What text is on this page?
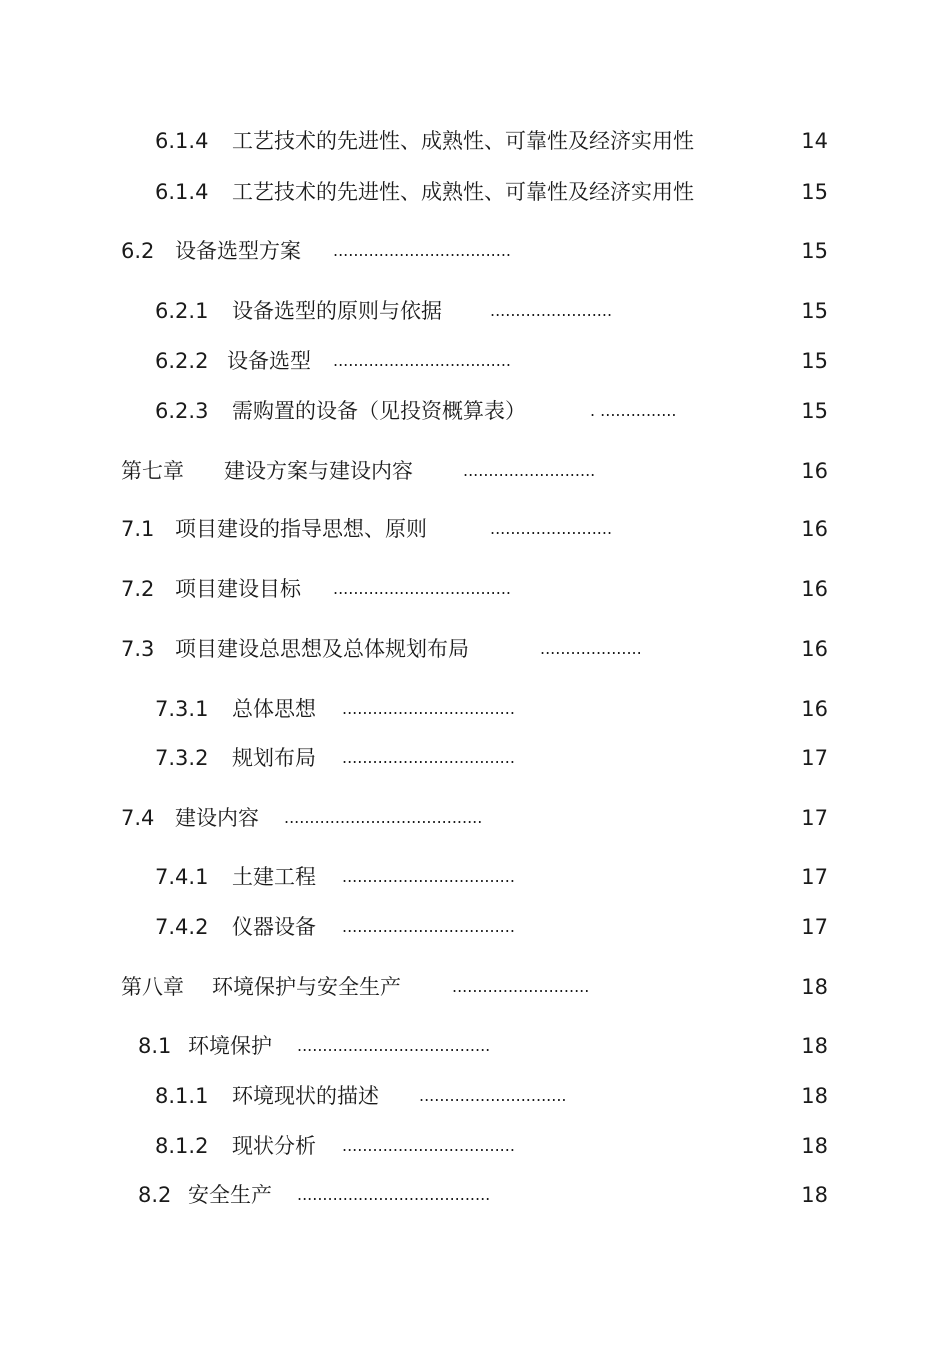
6.1.4 工艺技术的先进性、成熟性、可靠性及经济实用性	14
6.1.4 工艺技术的先进性、成熟性、可靠性及经济实用性	15
6.2 设备选型方案 ...................................	15
6.2.1 设备选型的原则与依据	........................	15
6.2.2 设备选型 ...................................	15
6.2.3 需购置的设备（见投资概算表）	. ...............	15
第七章 建设方案与建设内容	..........................	16
7.1 项目建设的指导思想、原则	........................	16
7.2 项目建设目标 ...................................	16
7.3 项目建设总思想及总体规划布局	....................	16
7.3.1 总体思想 ..................................	16
7.3.2 规划布局 ..................................	17
7.4 建设内容 .......................................	17
7.4.1 土建工程 ..................................	17
7.4.2 仪器设备 ..................................	17
第八章 环境保护与安全生产	...........................	18
8.1 环境保护 ......................................	18
8.1.1 环境现状的描述	.............................	18
8.1.2 现状分析 ..................................	18
8.2 安全生产 ......................................	18
